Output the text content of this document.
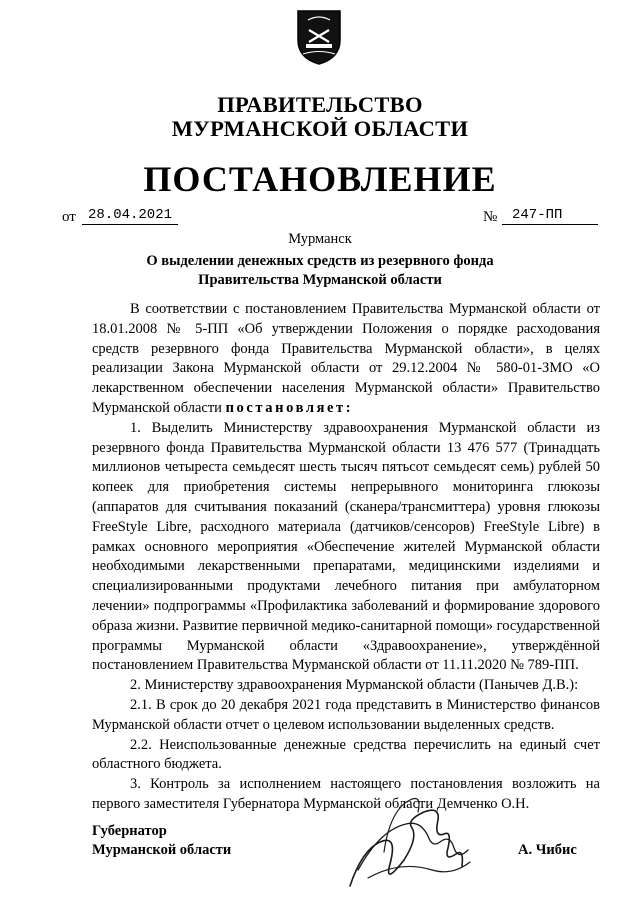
ПРАВИТЕЛЬСТВО
МУРМАНСКОЙ ОБЛАСТИ
ПОСТАНОВЛЕНИЕ
от 28.04.2021	№	247-ПП
Мурманск
О выделении денежных средств из резервного фонда
Правительства Мурманской области

В соответствии с постановлением Правительства Мурманской области от 18.01.2008 № 5-ПП «Об утверждении Положения о порядке расходования средств резервного фонда Правительства Мурманской области», в целях реализации Закона Мурманской области от 29.12.2004 № 580-01-ЗМО «О лекарственном обеспечении населения Мурманской области» Правительство Мурманской области постановляет:

1. Выделить Министерству здравоохранения Мурманской области из резервного фонда Правительства Мурманской области 13 476 577 (Тринадцать миллионов четыреста семьдесят шесть тысяч пятьсот семьдесят семь) рублей 50 копеек для приобретения системы непрерывного мониторинга глюкозы (аппаратов для считывания показаний (сканера/трансмиттера) уровня глюкозы FreeStyle Libre, расходного материала (датчиков/сенсоров) FreeStyle Libre) в рамках основного мероприятия «Обеспечение жителей Мурманской области необходимыми лекарственными препаратами, медицинскими изделиями и специализированными продуктами лечебного питания при амбулаторном лечении» подпрограммы «Профилактика заболеваний и формирование здорового образа жизни. Развитие первичной медико-санитарной помощи» государственной программы Мурманской области «Здравоохранение», утверждённой постановлением Правительства Мурманской области от 11.11.2020 № 789-ПП.

2. Министерству здравоохранения Мурманской области (Панычев Д.В.):

2.1. В срок до 20 декабря 2021 года представить в Министерство финансов Мурманской области отчет о целевом использовании выделенных средств.

2.2. Неиспользованные денежные средства перечислить на единый счет областного бюджета.

3. Контроль за исполнением настоящего постановления возложить на первого заместителя Губернатора Мурманской области Демченко О.Н.

Губернатор
Мурманской области	А. Чибис
